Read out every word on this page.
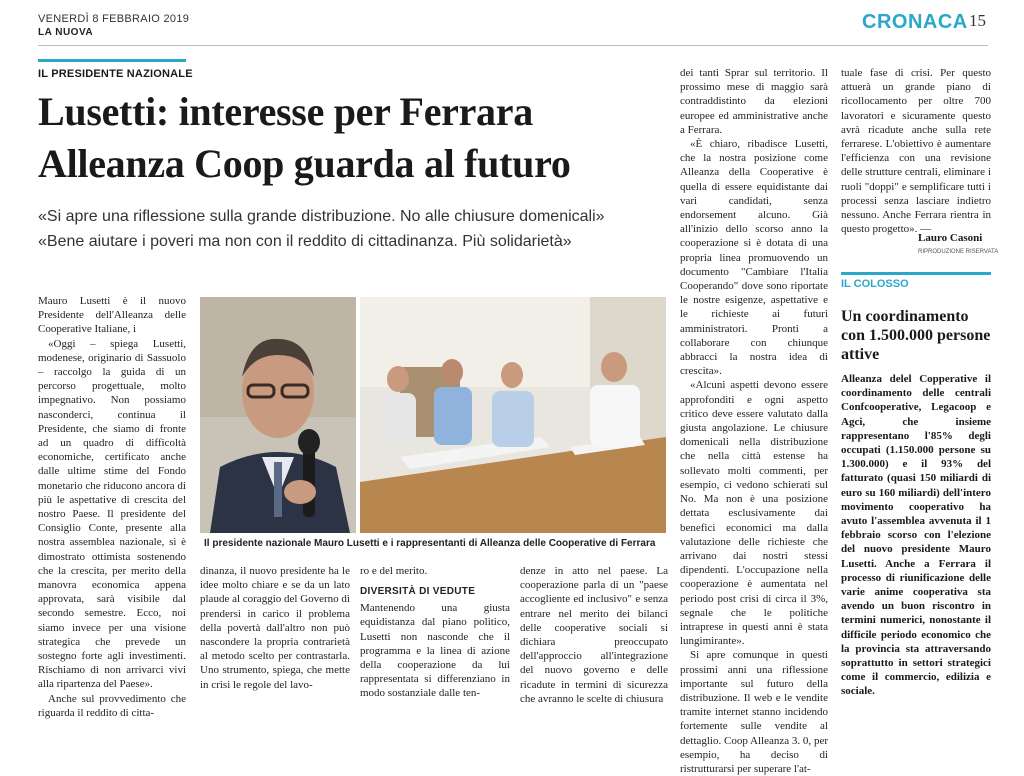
VENERDÌ 8 FEBBRAIO 2019
LA NUOVA	CRONACA 15
IL PRESIDENTE NAZIONALE
Lusetti: interesse per Ferrara
Alleanza Coop guarda al futuro
«Si apre una riflessione sulla grande distribuzione. No alle chiusure domenicali»
«Bene aiutare i poveri ma non con il reddito di cittadinanza. Più solidarietà»

Mauro Lusetti è il nuovo Presidente dell'Alleanza delle Cooperative Italiane, i

«Oggi – spiega Lusetti, modenese, originario di Sassuolo – raccolgo la guida di un percorso progettuale, molto impegnativo. Non possiamo nasconderci, continua il Presidente, che siamo di fronte ad un quadro di difficoltà economiche, certificato anche dalle ultime stime del Fondo monetario che riducono ancora di più le aspettative di crescita del nostro Paese. Il presidente del Consiglio Conte, presente alla nostra assemblea nazionale, si è dimostrato ottimista sostenendo che la crescita, per merito della manovra economica appena approvata, sarà visibile dal secondo semestre. Ecco, noi siamo invece per una visione strategica che prevede un sostegno forte agli investimenti. Rischiamo di non arrivarci vivi alla ripartenza del Paese».

Anche sul provvedimento che riguarda il reddito di citta-

Il presidente nazionale Mauro Lusetti e i rappresentanti di Alleanza delle Cooperative di Ferrara

dinanza, il nuovo presidente ha le idee molto chiare e se da un lato plaude al coraggio del Governo di prendersi in carico il problema della povertà dall'altro non può nascondere la propria contrarietà al metodo scelto per contrastarla. Uno strumento, spiega, che mette in crisi le regole del lavo-

ro e del merito.

DIVERSITÀ DI VEDUTE

Mantenendo una giusta equidistanza dal piano politico, Lusetti non nasconde che il programma e la linea di azione della cooperazione da lui rappresentata si differenziano in modo sostanziale dalle ten-

denze in atto nel paese. La cooperazione parla di un "paese accogliente ed inclusivo" e senza entrare nel merito dei bilanci delle cooperative sociali si dichiara preoccupato dell'approccio all'integrazione del nuovo governo e delle ricadute in termini di sicurezza che avranno le scelte di chiusura

dei tanti Sprar sul territorio. Il prossimo mese di maggio sarà contraddistinto da elezioni europee ed amministrative anche a Ferrara.

«È chiaro, ribadisce Lusetti, che la nostra posizione come Alleanza della Cooperative è quella di essere equidistante dai vari candidati, senza endorsement alcuno. Già all'inizio dello scorso anno la cooperazione si è dotata di una propria linea promuovendo un documento "Cambiare l'Italia Cooperando" dove sono riportate le nostre esigenze, aspettative e le richieste ai futuri amministratori. Pronti a collaborare con chiunque abbracci la nostra idea di crescita».

«Alcuni aspetti devono essere approfonditi e ogni aspetto critico deve essere valutato dalla giusta angolazione. Le chiusure domenicali nella distribuzione che nella città estense ha sollevato molti commenti, per esempio, ci vedono schierati sul No. Ma non è una posizione dettata esclusivamente dai benefici economici ma dalla valutazione delle richieste che arrivano dai nostri stessi dipendenti. L'occupazione nella cooperazione è aumentata nel periodo post crisi di circa il 3%, segnale che le politiche intraprese in questi anni è stata lungimirante».

Si apre comunque in questi prossimi anni una riflessione importante sul futuro della distribuzione. Il web e le vendite tramite internet stanno incidendo fortemente sulle vendite al dettaglio. Coop Alleanza 3. 0, per esempio, ha deciso di ristrutturarsi per superare l'at-

tuale fase di crisi. Per questo attuerà un grande piano di ricollocamento per oltre 700 lavoratori e sicuramente questo avrà ricadute anche sulla rete ferrarese. L'obiettivo è aumentare l'efficienza con una revisione delle strutture centrali, eliminare i ruoli "doppi" e semplificare tutti i processi senza lasciare indietro nessuno. Anche Ferrara rientra in questo progetto». —

Lauro Casoni
RIPRODUZIONE RISERVATA
IL COLOSSO
Un coordinamento con 1.500.000 persone attive
Alleanza delel Copperative il coordinamento delle centrali Confcooperative, Legacoop e Agci, che insieme rappresentano l'85% degli occupati (1.150.000 persone su 1.300.000) e il 93% del fatturato (quasi 150 miliardi di euro su 160 miliardi) dell'intero movimento cooperativo ha avuto l'assemblea avvenuta il 1 febbraio scorso con l'elezione del nuovo presidente Mauro Lusetti. Anche a Ferrara il processo di riunificazione delle varie anime cooperativa sta avendo un buon riscontro in termini numerici, nonostante il difficile periodo economico che la provincia sta attraversando soprattutto in settori strategici come il commercio, edilizia e sociale.
